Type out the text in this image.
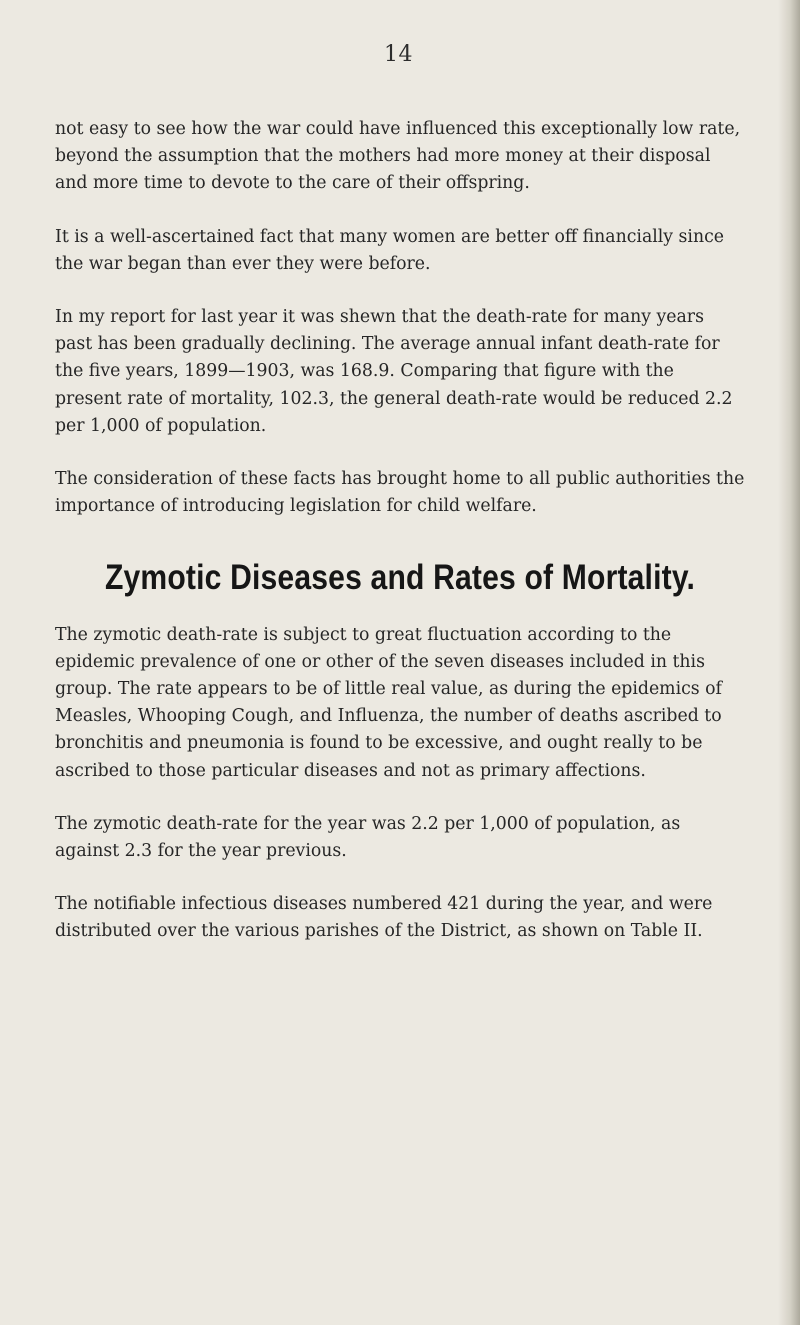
14

not easy to see how the war could have influenced this exceptionally low rate, beyond the assumption that the mothers had more money at their disposal and more time to devote to the care of their offspring.

It is a well-ascertained fact that many women are better off financially since the war began than ever they were before.

In my report for last year it was shewn that the death-rate for many years past has been gradually declining. The average annual infant death-rate for the five years, 1899—1903, was 168.9. Comparing that figure with the present rate of mortality, 102.3, the general death-rate would be reduced 2.2 per 1,000 of population.

The consideration of these facts has brought home to all public authorities the importance of introducing legislation for child welfare.

Zymotic Diseases and Rates of Mortality.

The zymotic death-rate is subject to great fluctuation according to the epidemic prevalence of one or other of the seven diseases included in this group. The rate appears to be of little real value, as during the epidemics of Measles, Whooping Cough, and Influenza, the number of deaths ascribed to bronchitis and pneumonia is found to be excessive, and ought really to be ascribed to those particular diseases and not as primary affections.

The zymotic death-rate for the year was 2.2 per 1,000 of population, as against 2.3 for the year previous.

The notifiable infectious diseases numbered 421 during the year, and were distributed over the various parishes of the District, as shown on Table II.
